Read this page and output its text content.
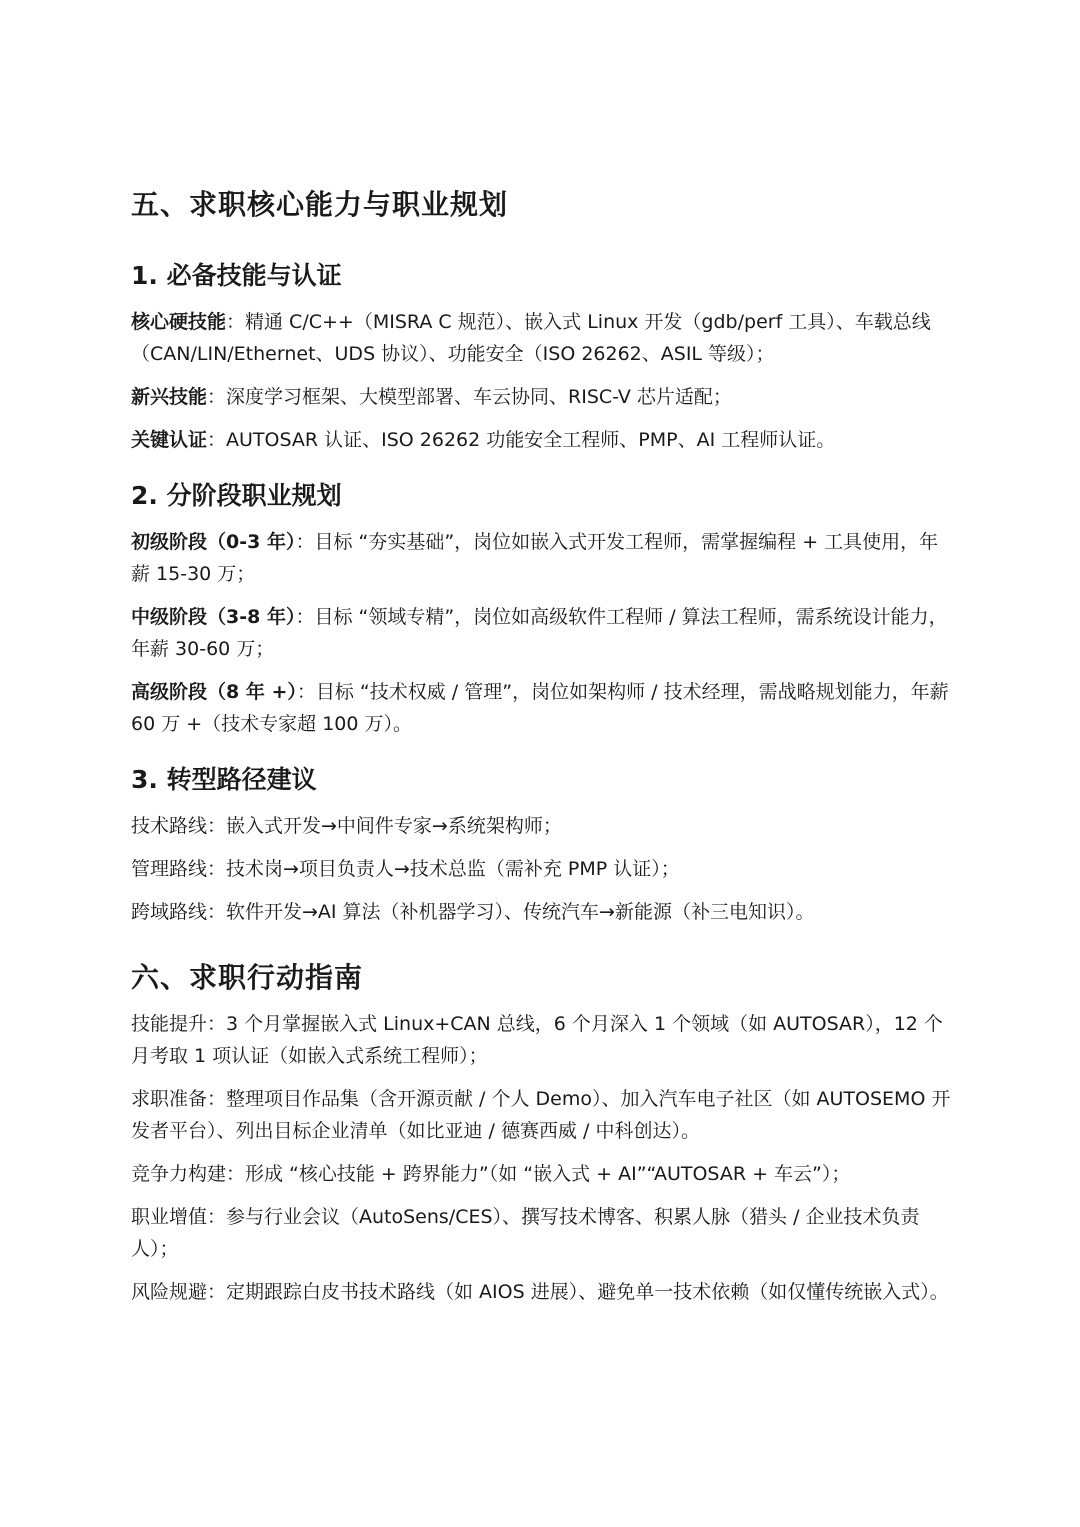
五、求职核心能力与职业规划
1. 必备技能与认证

核心硬技能：精通 C/C++（MISRA C 规范）、嵌入式 Linux 开发（gdb/perf 工具）、车载总线（CAN/LIN/Ethernet、UDS 协议）、功能安全（ISO 26262、ASIL 等级）；

新兴技能：深度学习框架、大模型部署、车云协同、RISC-V 芯片适配；

关键认证：AUTOSAR 认证、ISO 26262 功能安全工程师、PMP、AI 工程师认证。

2. 分阶段职业规划

初级阶段（0-3 年）：目标 “夯实基础”，岗位如嵌入式开发工程师，需掌握编程 + 工具使用，年薪 15-30 万；

中级阶段（3-8 年）：目标 “领域专精”，岗位如高级软件工程师 / 算法工程师，需系统设计能力，年薪 30-60 万；

高级阶段（8 年 +）：目标 “技术权威 / 管理”，岗位如架构师 / 技术经理，需战略规划能力，年薪 60 万 +（技术专家超 100 万）。

3. 转型路径建议

技术路线：嵌入式开发→中间件专家→系统架构师；

管理路线：技术岗→项目负责人→技术总监（需补充 PMP 认证）；

跨域路线：软件开发→AI 算法（补机器学习）、传统汽车→新能源（补三电知识）。

六、求职行动指南

技能提升：3 个月掌握嵌入式 Linux+CAN 总线，6 个月深入 1 个领域（如 AUTOSAR），12 个月考取 1 项认证（如嵌入式系统工程师）；

求职准备：整理项目作品集（含开源贡献 / 个人 Demo）、加入汽车电子社区（如 AUTOSEMO 开发者平台）、列出目标企业清单（如比亚迪 / 德赛西威 / 中科创达）。

竞争力构建：形成 “核心技能 + 跨界能力”（如 “嵌入式 + AI”“AUTOSAR + 车云”）；

职业增值：参与行业会议（AutoSens/CES）、撰写技术博客、积累人脉（猎头 / 企业技术负责人）；

风险规避：定期跟踪白皮书技术路线（如 AIOS 进展）、避免单一技术依赖（如仅懂传统嵌入式）。
